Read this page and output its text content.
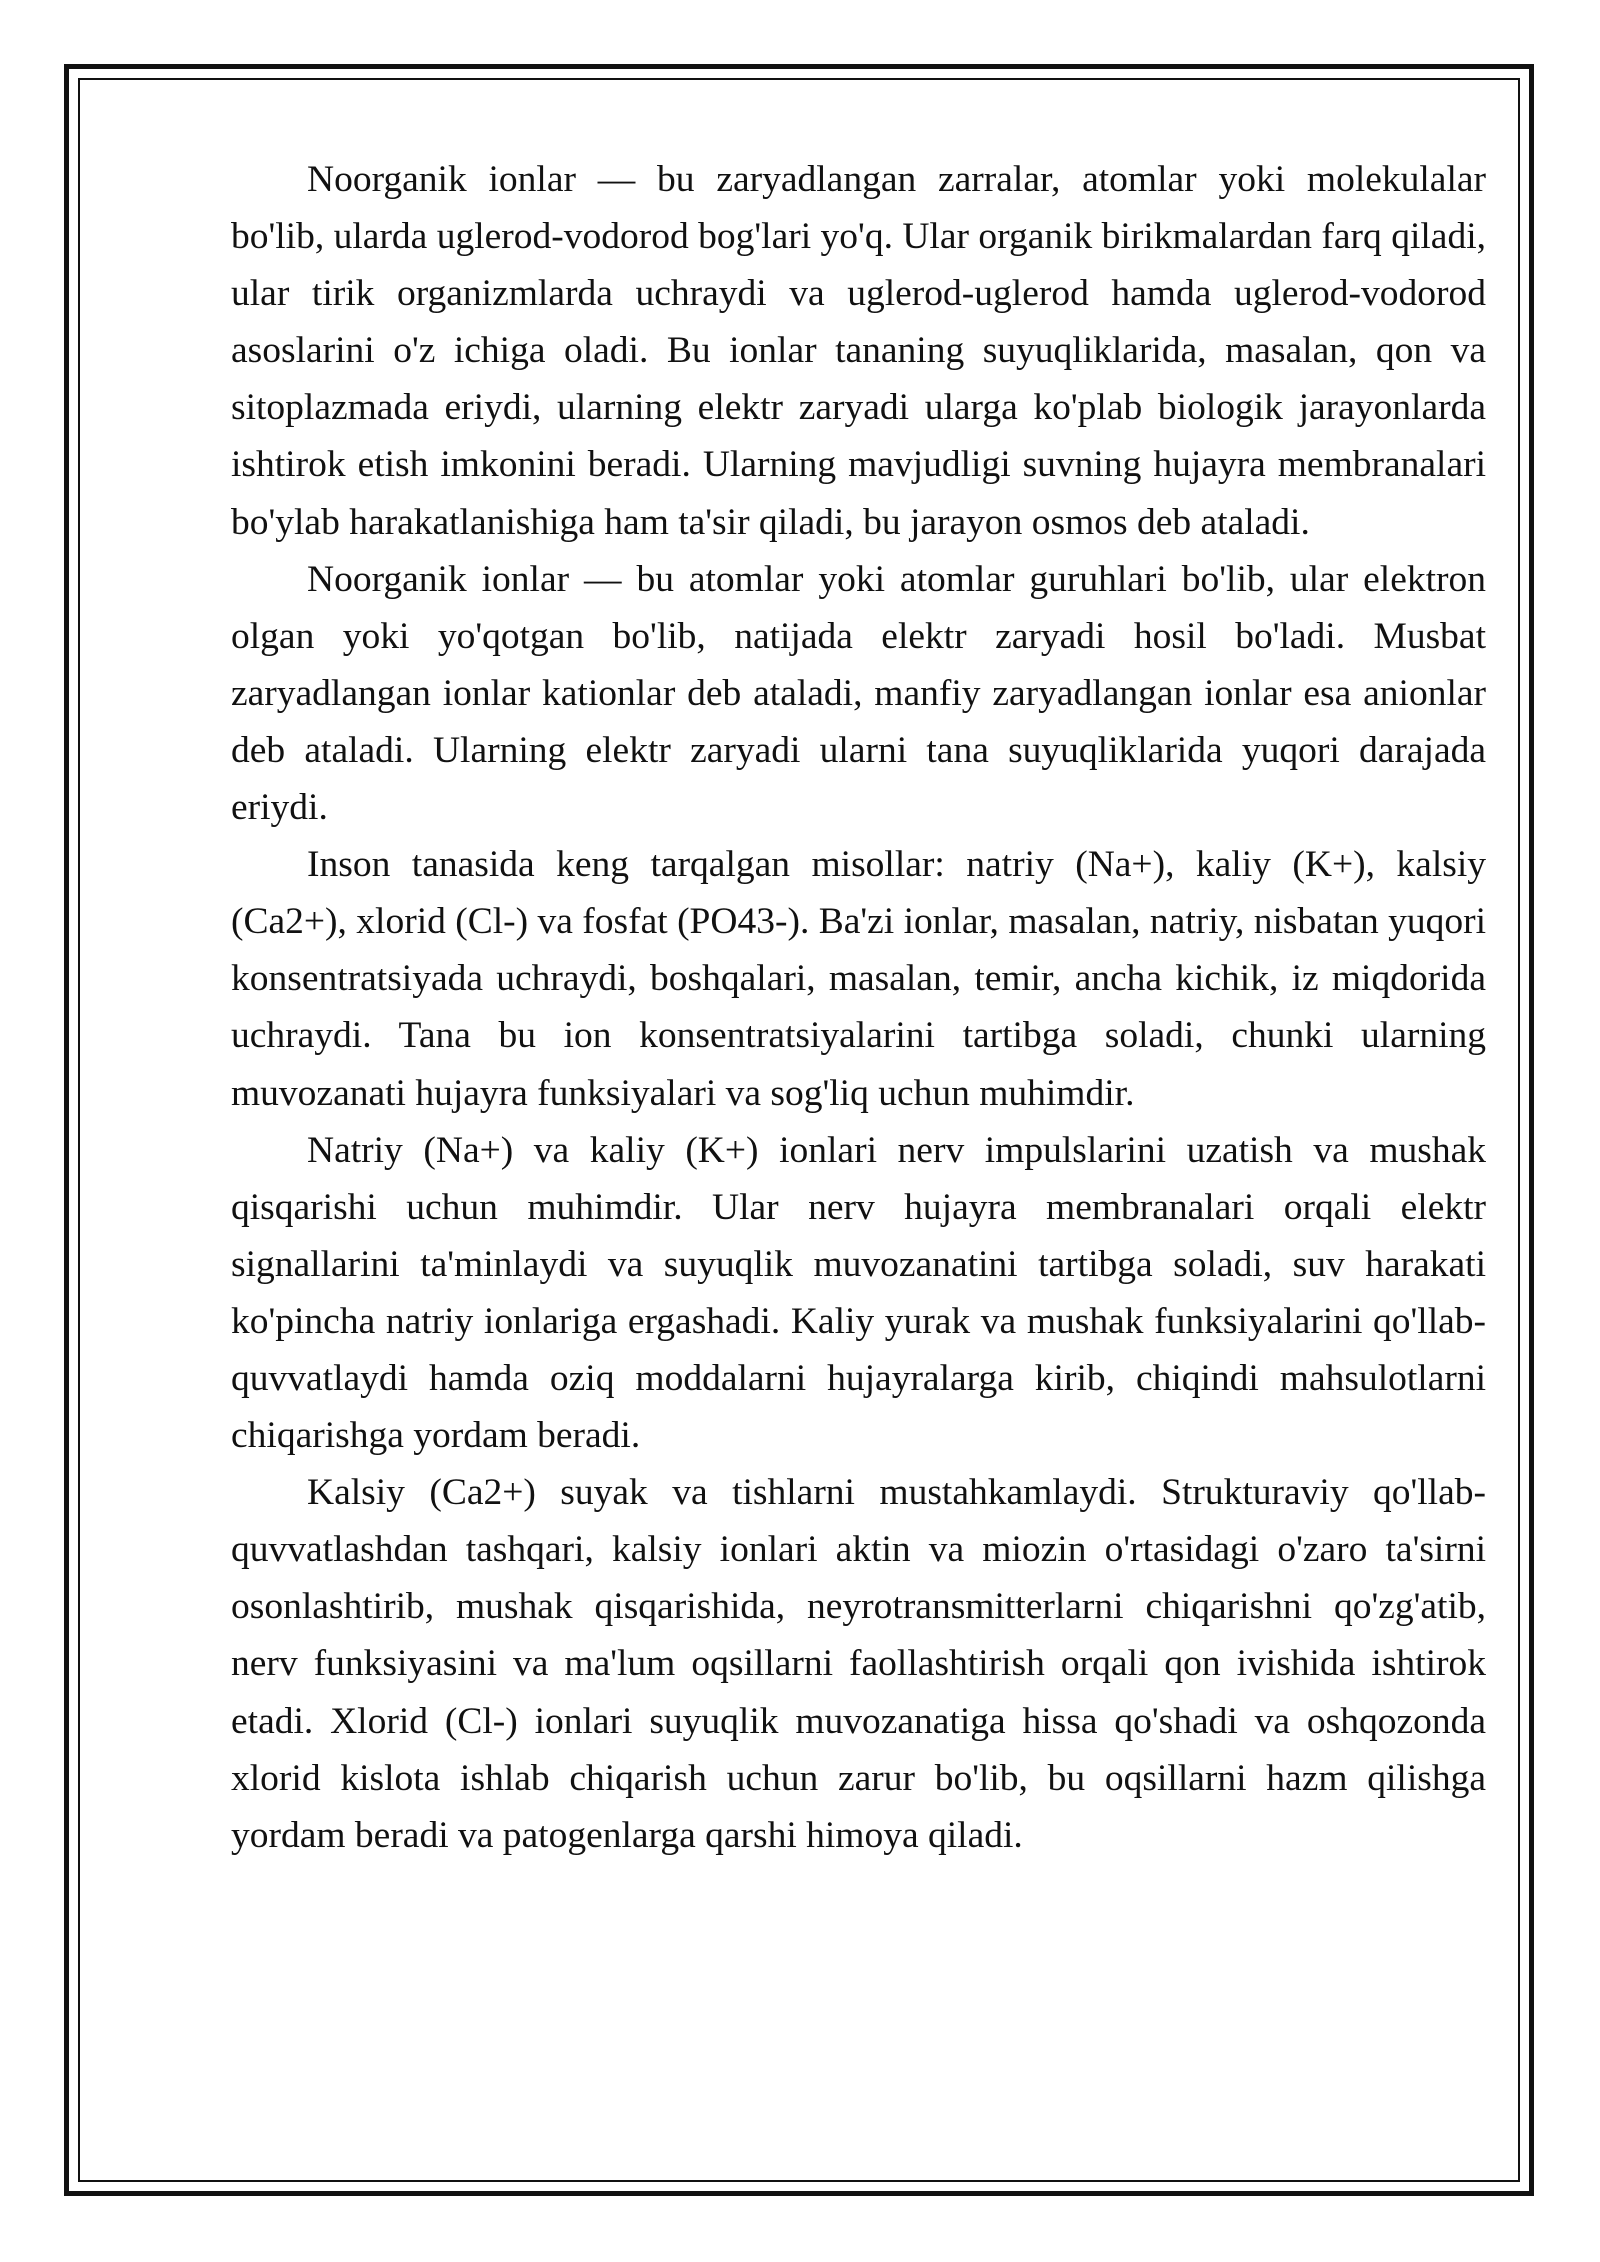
Noorganik ionlar — bu zaryadlangan zarralar, atomlar yoki molekulalar bo'lib, ularda uglerod-vodorod bog'lari yo'q. Ular organik birikmalardan farq qiladi, ular tirik organizmlarda uchraydi va uglerod-uglerod hamda uglerod-vodorod asoslarini o'z ichiga oladi. Bu ionlar tananing suyuqliklarida, masalan, qon va sitoplazmada eriydi, ularning elektr zaryadi ularga ko'plab biologik jarayonlarda ishtirok etish imkonini beradi. Ularning mavjudligi suvning hujayra membranalari bo'ylab harakatlanishiga ham ta'sir qiladi, bu jarayon osmos deb ataladi.

Noorganik ionlar — bu atomlar yoki atomlar guruhlari bo'lib, ular elektron olgan yoki yo'qotgan bo'lib, natijada elektr zaryadi hosil bo'ladi. Musbat zaryadlangan ionlar kationlar deb ataladi, manfiy zaryadlangan ionlar esa anionlar deb ataladi. Ularning elektr zaryadi ularni tana suyuqliklarida yuqori darajada eriydi.

Inson tanasida keng tarqalgan misollar: natriy (Na+), kaliy (K+), kalsiy (Ca2+), xlorid (Cl-) va fosfat (PO43-). Ba'zi ionlar, masalan, natriy, nisbatan yuqori konsentratsiyada uchraydi, boshqalari, masalan, temir, ancha kichik, iz miqdorida uchraydi. Tana bu ion konsentratsiyalarini tartibga soladi, chunki ularning muvozanati hujayra funksiyalari va sog'liq uchun muhimdir.

Natriy (Na+) va kaliy (K+) ionlari nerv impulslarini uzatish va mushak qisqarishi uchun muhimdir. Ular nerv hujayra membranalari orqali elektr signallarini ta'minlaydi va suyuqlik muvozanatini tartibga soladi, suv harakati ko'pincha natriy ionlariga ergashadi. Kaliy yurak va mushak funksiyalarini qo'llab-quvvatlaydi hamda oziq moddalarni hujayralarga kirib, chiqindi mahsulotlarni chiqarishga yordam beradi.

Kalsiy (Ca2+) suyak va tishlarni mustahkamlaydi. Strukturaviy qo'llab-quvvatlashdan tashqari, kalsiy ionlari aktin va miozin o'rtasidagi o'zaro ta'sirni osonlashtirib, mushak qisqarishida, neyrotransmitterlarni chiqarishni qo'zg'atib, nerv funksiyasini va ma'lum oqsillarni faollashtirish orqali qon ivishida ishtirok etadi. Xlorid (Cl-) ionlari suyuqlik muvozanatiga hissa qo'shadi va oshqozonda xlorid kislota ishlab chiqarish uchun zarur bo'lib, bu oqsillarni hazm qilishga yordam beradi va patogenlarga qarshi himoya qiladi.
